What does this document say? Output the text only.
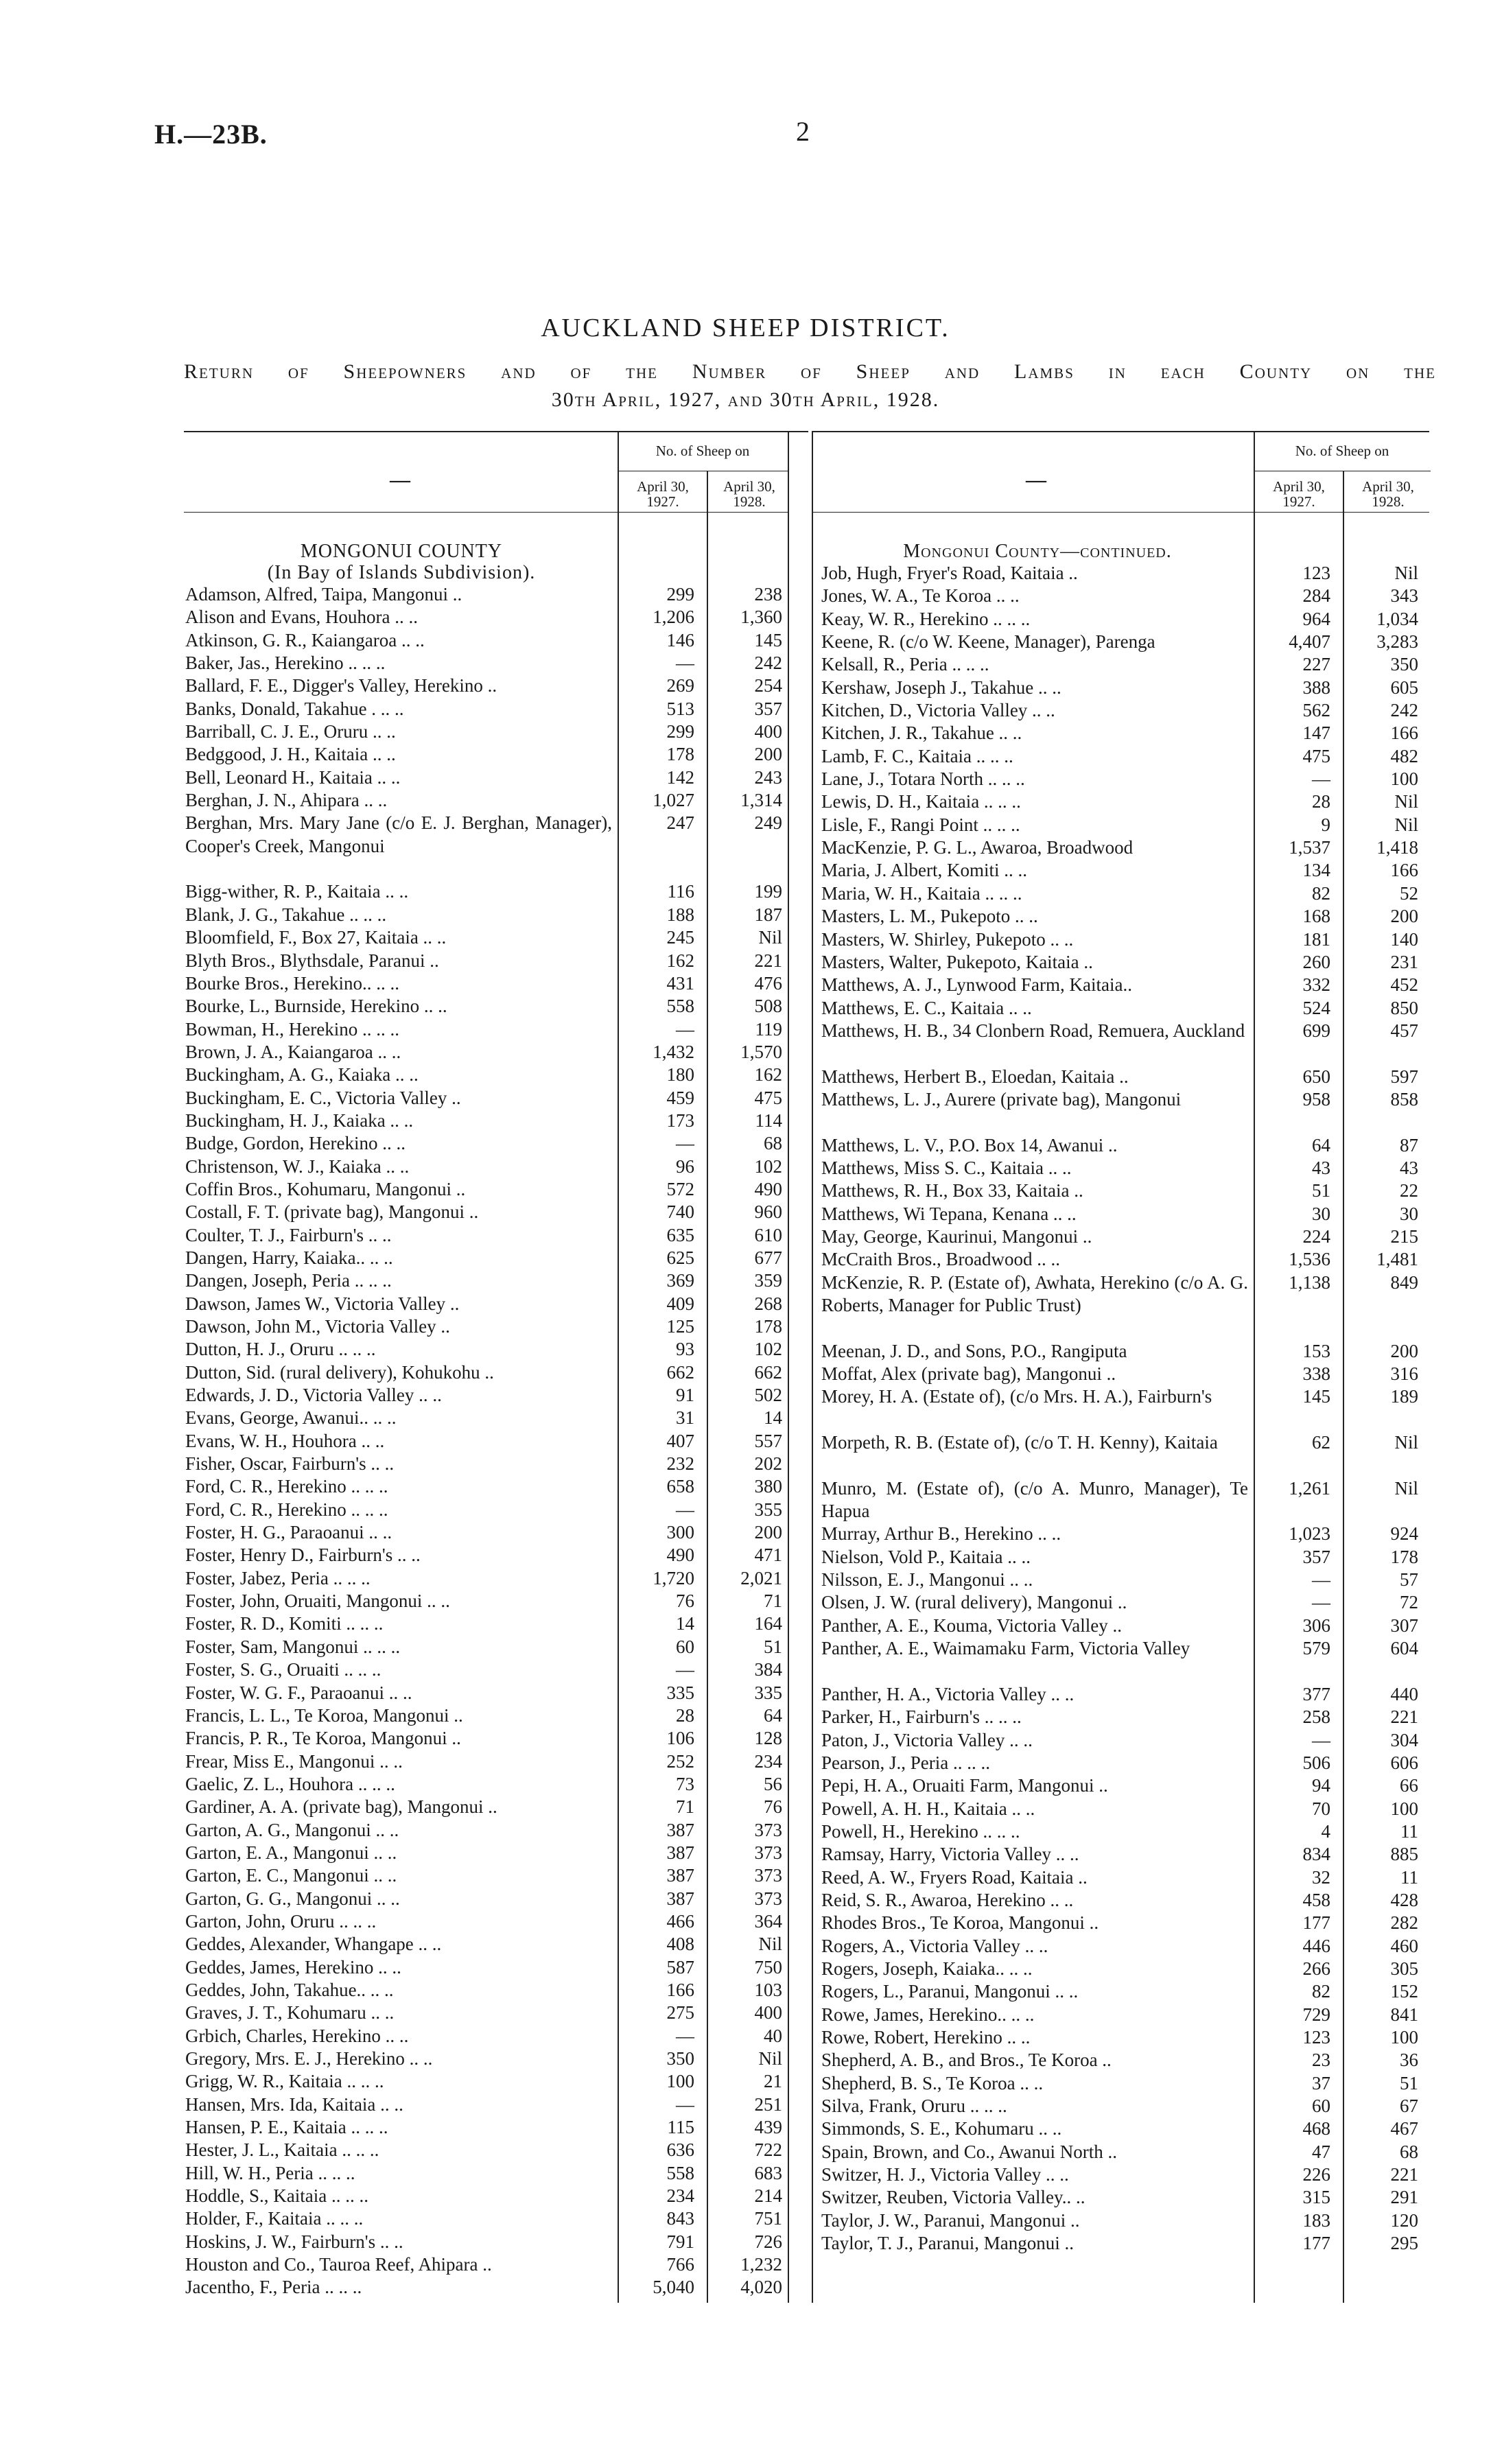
H.—23B.	2
AUCKLAND SHEEP DISTRICT.
Return of Sheepowners and of the Number of Sheep and Lambs in each County on the
30th April, 1927, and 30th April, 1928.
—
No. of Sheep on
April 30, 1927.
April 30, 1928.
MONGONUI COUNTY
(In Bay of Islands Subdivision).
Adamson, Alfred, Taipa, Mangonui ..	299	238
Alison and Evans, Houhora .. ..	1,206	1,360
Atkinson, G. R., Kaiangaroa .. ..	146	145
Baker, Jas., Herekino .. .. ..	—	242
Ballard, F. E., Digger's Valley, Herekino ..	269	254
Banks, Donald, Takahue . .. ..	513	357
Barriball, C. J. E., Oruru .. ..	299	400
Bedggood, J. H., Kaitaia .. ..	178	200
Bell, Leonard H., Kaitaia .. ..	142	243
Berghan, J. N., Ahipara .. ..	1,027	1,314
Berghan, Mrs. Mary Jane (c/o E. J. Berghan, Manager), Cooper's Creek, Mangonui
247	249
Bigg-wither, R. P., Kaitaia .. ..	116	199
Blank, J. G., Takahue .. .. ..	188	187
Bloomfield, F., Box 27, Kaitaia .. ..	245	Nil
Blyth Bros., Blythsdale, Paranui ..	162	221
Bourke Bros., Herekino.. .. ..	431	476
Bourke, L., Burnside, Herekino .. ..	558	508
Bowman, H., Herekino .. .. ..	—	119
Brown, J. A., Kaiangaroa .. ..	1,432	1,570
Buckingham, A. G., Kaiaka .. ..	180	162
Buckingham, E. C., Victoria Valley ..	459	475
Buckingham, H. J., Kaiaka .. ..	173	114
Budge, Gordon, Herekino .. ..	—	68
Christenson, W. J., Kaiaka .. ..	96	102
Coffin Bros., Kohumaru, Mangonui ..	572	490
Costall, F. T. (private bag), Mangonui ..	740	960
Coulter, T. J., Fairburn's .. ..	635	610
Dangen, Harry, Kaiaka.. .. ..	625	677
Dangen, Joseph, Peria .. .. ..	369	359
Dawson, James W., Victoria Valley ..	409	268
Dawson, John M., Victoria Valley ..	125	178
Dutton, H. J., Oruru .. .. ..	93	102
Dutton, Sid. (rural delivery), Kohukohu ..	662	662
Edwards, J. D., Victoria Valley .. ..	91	502
Evans, George, Awanui.. .. ..	31	14
Evans, W. H., Houhora .. ..	407	557
Fisher, Oscar, Fairburn's .. ..	232	202
Ford, C. R., Herekino .. .. ..	658	380
Ford, C. R., Herekino .. .. ..	—	355
Foster, H. G., Paraoanui .. ..	300	200
Foster, Henry D., Fairburn's .. ..	490	471
Foster, Jabez, Peria .. .. ..	1,720	2,021
Foster, John, Oruaiti, Mangonui .. ..	76	71
Foster, R. D., Komiti .. .. ..	14	164
Foster, Sam, Mangonui .. .. ..	60	51
Foster, S. G., Oruaiti .. .. ..	—	384
Foster, W. G. F., Paraoanui .. ..	335	335
Francis, L. L., Te Koroa, Mangonui ..	28	64
Francis, P. R., Te Koroa, Mangonui ..	106	128
Frear, Miss E., Mangonui .. ..	252	234
Gaelic, Z. L., Houhora .. .. ..	73	56
Gardiner, A. A. (private bag), Mangonui ..	71	76
Garton, A. G., Mangonui .. ..	387	373
Garton, E. A., Mangonui .. ..	387	373
Garton, E. C., Mangonui .. ..	387	373
Garton, G. G., Mangonui .. ..	387	373
Garton, John, Oruru .. .. ..	466	364
Geddes, Alexander, Whangape .. ..	408	Nil
Geddes, James, Herekino .. ..	587	750
Geddes, John, Takahue.. .. ..	166	103
Graves, J. T., Kohumaru .. ..	275	400
Grbich, Charles, Herekino .. ..	—	40
Gregory, Mrs. E. J., Herekino .. ..	350	Nil
Grigg, W. R., Kaitaia .. .. ..	100	21
Hansen, Mrs. Ida, Kaitaia .. ..	—	251
Hansen, P. E., Kaitaia .. .. ..	115	439
Hester, J. L., Kaitaia .. .. ..	636	722
Hill, W. H., Peria .. .. ..	558	683
Hoddle, S., Kaitaia .. .. ..	234	214
Holder, F., Kaitaia .. .. ..	843	751
Hoskins, J. W., Fairburn's .. ..	791	726
Houston and Co., Tauroa Reef, Ahipara ..	766	1,232
Jacentho, F., Peria .. .. ..	5,040	4,020
—
No. of Sheep on
April 30, 1927.
April 30, 1928.
Mongonui County—continued.
Job, Hugh, Fryer's Road, Kaitaia ..	123	Nil
Jones, W. A., Te Koroa .. ..	284	343
Keay, W. R., Herekino .. .. ..	964	1,034
Keene, R. (c/o W. Keene, Manager), Parenga	4,407	3,283
Kelsall, R., Peria .. .. ..	227	350
Kershaw, Joseph J., Takahue .. ..	388	605
Kitchen, D., Victoria Valley .. ..	562	242
Kitchen, J. R., Takahue .. ..	147	166
Lamb, F. C., Kaitaia .. .. ..	475	482
Lane, J., Totara North .. .. ..	—	100
Lewis, D. H., Kaitaia .. .. ..	28	Nil
Lisle, F., Rangi Point .. .. ..	9	Nil
MacKenzie, P. G. L., Awaroa, Broadwood	1,537	1,418
Maria, J. Albert, Komiti .. ..	134	166
Maria, W. H., Kaitaia .. .. ..	82	52
Masters, L. M., Pukepoto .. ..	168	200
Masters, W. Shirley, Pukepoto .. ..	181	140
Masters, Walter, Pukepoto, Kaitaia ..	260	231
Matthews, A. J., Lynwood Farm, Kaitaia..	332	452
Matthews, E. C., Kaitaia .. ..	524	850
Matthews, H. B., 34 Clonbern Road, Remuera, Auckland	699	457
Matthews, Herbert B., Eloedan, Kaitaia ..	650	597
Matthews, L. J., Aurere (private bag), Mangonui	958	858
Matthews, L. V., P.O. Box 14, Awanui ..	64	87
Matthews, Miss S. C., Kaitaia .. ..	43	43
Matthews, R. H., Box 33, Kaitaia ..	51	22
Matthews, Wi Tepana, Kenana .. ..	30	30
May, George, Kaurinui, Mangonui ..	224	215
McCraith Bros., Broadwood .. ..	1,536	1,481
McKenzie, R. P. (Estate of), Awhata, Herekino (c/o A. G. Roberts, Manager for Public Trust)
1,138	849
Meenan, J. D., and Sons, P.O., Rangiputa	153	200
Moffat, Alex (private bag), Mangonui ..	338	316
Morey, H. A. (Estate of), (c/o Mrs. H. A.), Fairburn's	145	189
Morpeth, R. B. (Estate of), (c/o T. H. Kenny), Kaitaia	62	Nil
Munro, M. (Estate of), (c/o A. Munro, Manager), Te Hapua
1,261	Nil
Murray, Arthur B., Herekino .. ..	1,023	924
Nielson, Vold P., Kaitaia .. ..	357	178
Nilsson, E. J., Mangonui .. ..	—	57
Olsen, J. W. (rural delivery), Mangonui ..	—	72
Panther, A. E., Kouma, Victoria Valley ..	306	307
Panther, A. E., Waimamaku Farm, Victoria Valley	579	604
Panther, H. A., Victoria Valley .. ..	377	440
Parker, H., Fairburn's .. .. ..	258	221
Paton, J., Victoria Valley .. ..	—	304
Pearson, J., Peria .. .. ..	506	606
Pepi, H. A., Oruaiti Farm, Mangonui ..	94	66
Powell, A. H. H., Kaitaia .. ..	70	100
Powell, H., Herekino .. .. ..	4	11
Ramsay, Harry, Victoria Valley .. ..	834	885
Reed, A. W., Fryers Road, Kaitaia ..	32	11
Reid, S. R., Awaroa, Herekino .. ..	458	428
Rhodes Bros., Te Koroa, Mangonui ..	177	282
Rogers, A., Victoria Valley .. ..	446	460
Rogers, Joseph, Kaiaka.. .. ..	266	305
Rogers, L., Paranui, Mangonui .. ..	82	152
Rowe, James, Herekino.. .. ..	729	841
Rowe, Robert, Herekino .. ..	123	100
Shepherd, A. B., and Bros., Te Koroa ..	23	36
Shepherd, B. S., Te Koroa .. ..	37	51
Silva, Frank, Oruru .. .. ..	60	67
Simmonds, S. E., Kohumaru .. ..	468	467
Spain, Brown, and Co., Awanui North ..	47	68
Switzer, H. J., Victoria Valley .. ..	226	221
Switzer, Reuben, Victoria Valley.. ..	315	291
Taylor, J. W., Paranui, Mangonui ..	183	120
Taylor, T. J., Paranui, Mangonui ..	177	295
